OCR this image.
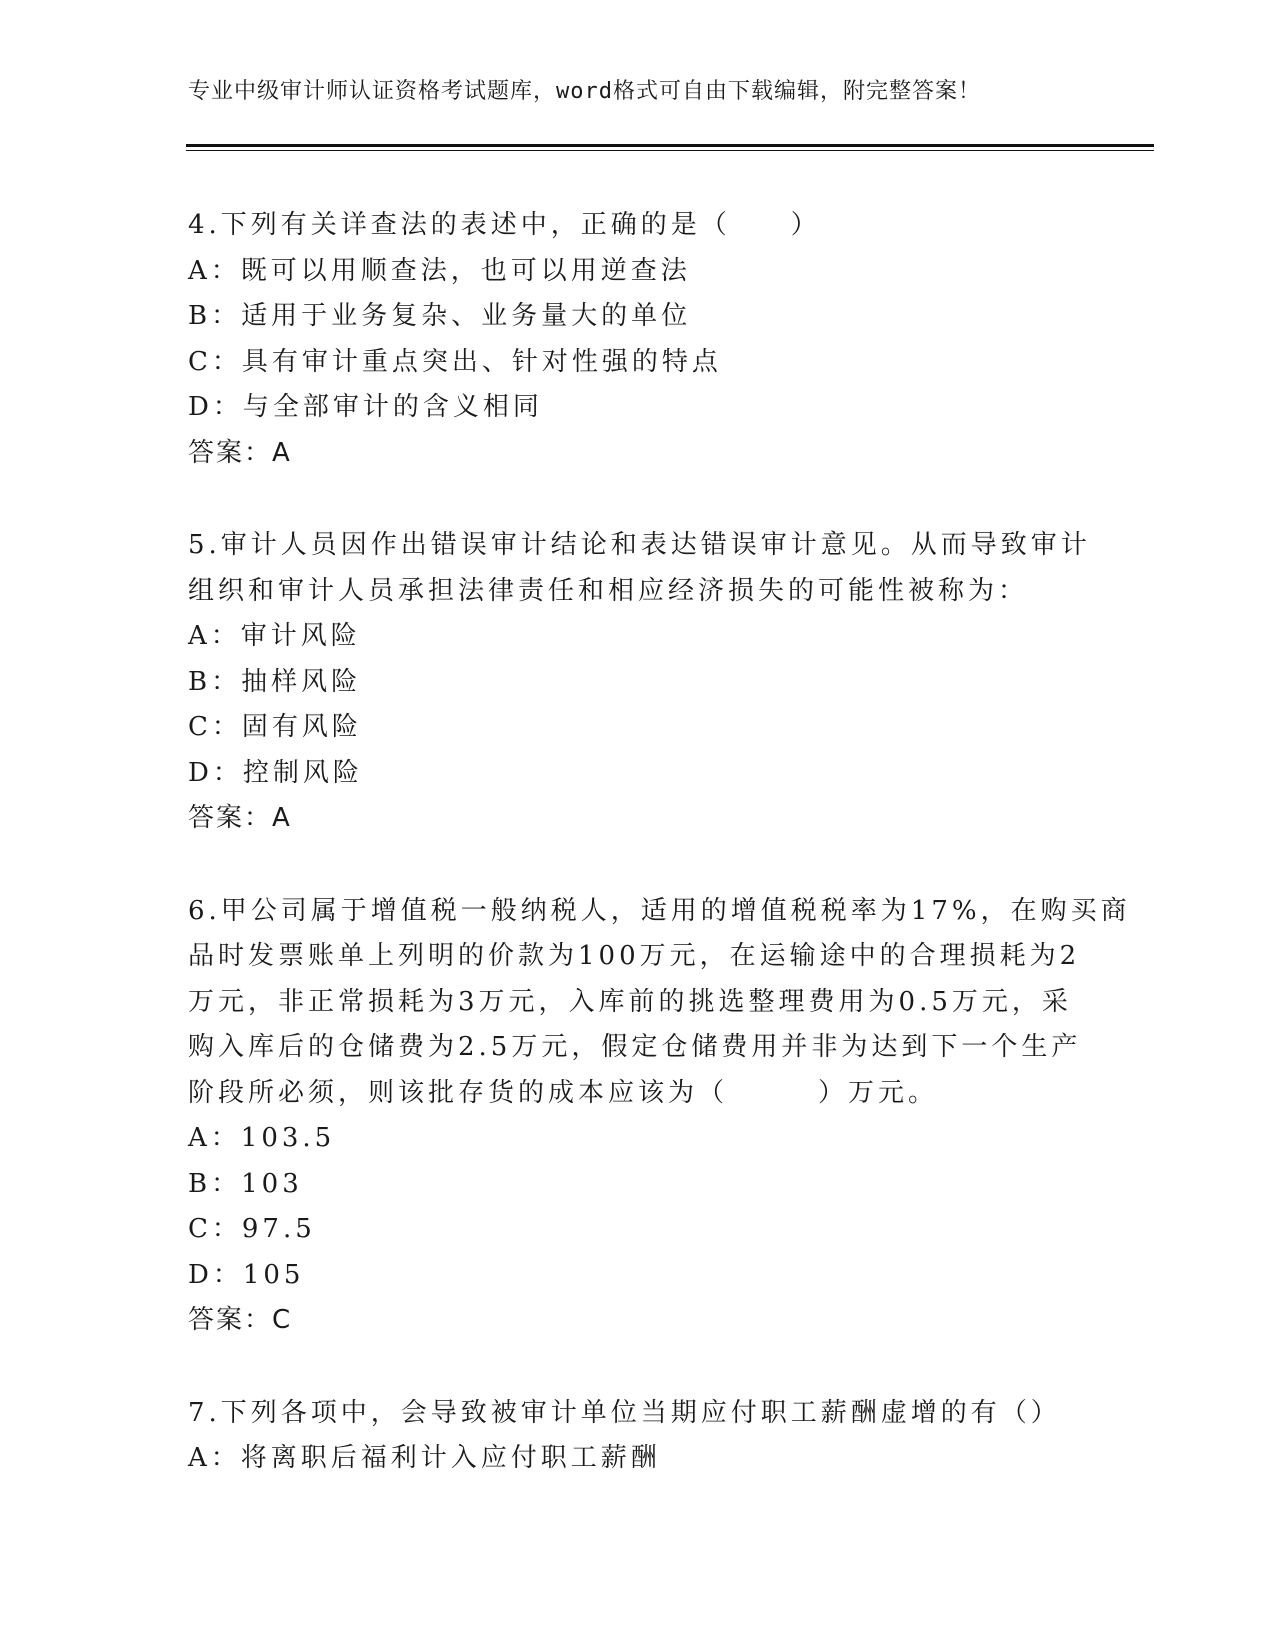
专业中级审计师认证资格考试题库，word格式可自由下载编辑，附完整答案！
4.下列有关详查法的表述中，正确的是（　　）
A：既可以用顺查法，也可以用逆查法
B：适用于业务复杂、业务量大的单位
C：具有审计重点突出、针对性强的特点
D：与全部审计的含义相同
答案：A
5.审计人员因作出错误审计结论和表达错误审计意见。从而导致审计
组织和审计人员承担法律责任和相应经济损失的可能性被称为：
A：审计风险
B：抽样风险
C：固有风险
D：控制风险
答案：A
6.甲公司属于增值税一般纳税人，适用的增值税税率为17%，在购买商
品时发票账单上列明的价款为100万元，在运输途中的合理损耗为2
万元，非正常损耗为3万元，入库前的挑选整理费用为0.5万元，采
购入库后的仓储费为2.5万元，假定仓储费用并非为达到下一个生产
阶段所必须，则该批存货的成本应该为（　　　）万元。
A：103.5
B：103
C：97.5
D：105
答案：C
7.下列各项中，会导致被审计单位当期应付职工薪酬虚增的有（）
A：将离职后福利计入应付职工薪酬
